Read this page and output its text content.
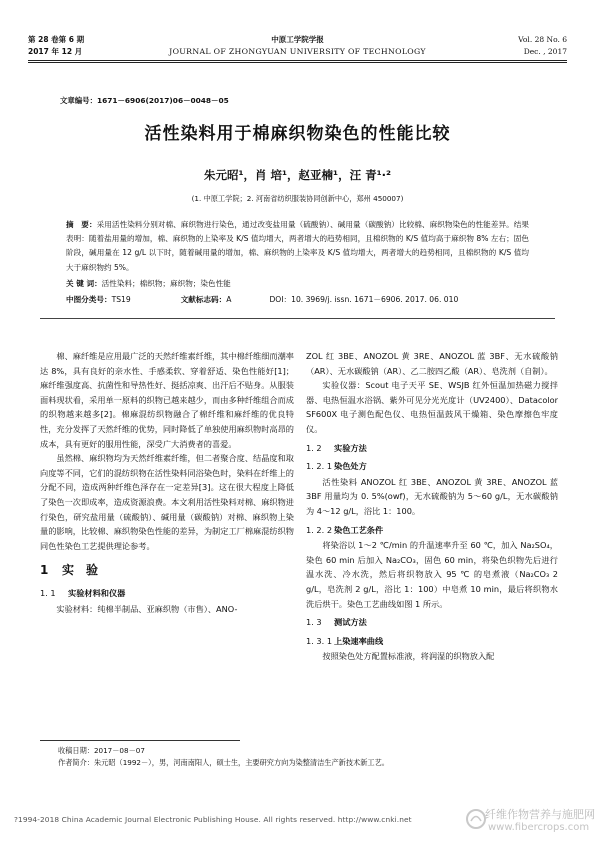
第 28 卷第 6 期
2017 年 12 月
中原工学院学报
JOURNAL OF ZHONGYUAN UNIVERSITY OF TECHNOLOGY
Vol. 28 No. 6
Dec. , 2017
文章编号：1671－6906(2017)06－0048－05
活性染料用于棉麻织物染色的性能比较
朱元昭¹，肖 培¹，赵亚楠¹，汪 青¹·²
(1. 中原工学院；2. 河南省纺织服装协同创新中心，郑州 450007)
摘　要：采用活性染料分别对棉、麻织物进行染色，通过改变盐用量（硫酸钠）、碱用量（碳酸钠）比较棉、麻织物染色的性能差异。结果表明：随着盐用量的增加，棉、麻织物的上染率及 K/S 值均增大，两者增大的趋势相同，且棉织物的 K/S 值均高于麻织物 8% 左右；固色阶段，碱用量在 12 g/L 以下时，随着碱用量的增加，棉、麻织物的上染率及 K/S 值均增大，两者增大的趋势相同，且棉织物的 K/S 值均大于麻织物约 5%。
关 键 词：活性染料；棉织物；麻织物；染色性能
中图分类号：TS19	文献标志码：A	DOI：10. 3969/j. issn. 1671－6906. 2017. 06. 010

棉、麻纤维是应用最广泛的天然纤维素纤维，其中棉纤维细而潮率达 8%，具有良好的亲水性、手感柔软、穿着舒适、染色性能好[1]；麻纤维强度高、抗菌性和导热性好、挺括凉爽、出汗后不贴身。从服装面料现状看，采用单一原料的织物已越来越少，而由多种纤维组合而成的织物越来越多[2]。棉麻混纺织物融合了棉纤维和麻纤维的优良特性，充分发挥了天然纤维的优势，同时降低了单独使用麻织物时高昂的成本，具有更好的服用性能，深受广大消费者的喜爱。

虽然棉、麻织物均为天然纤维素纤维，但二者聚合度、结晶度和取向度等不同，它们的混纺织物在活性染料同浴染色时，染料在纤维上的分配不同，造成两种纤维色泽存在一定差异[3]。这在很大程度上降低了染色一次即成率，造成资源浪费。本文利用活性染料对棉、麻织物进行染色，研究盐用量（硫酸钠）、碱用量（碳酸钠）对棉、麻织物上染量的影响，比较棉、麻织物染色性能的差异，为制定工厂棉麻混纺织物同色性染色工艺提供理论参考。

1 实　验
1. 1 实验材料和仪器

实验材料：纯棉半制品、亚麻织物（市售）、ANO-

ZOL 红 3BE、ANOZOL 黄 3RE、ANOZOL 蓝 3BF、无水硫酸钠（AR）、无水碳酸钠（AR）、乙二胺四乙酸（AR）、皂洗剂（自制）。

实验仪器：Scout 电子天平 SE、WSJB 红外恒温加热磁力搅拌器、电热恒温水浴锅、紫外可见分光光度计（UV2400）、Datacolor SF600X 电子测色配色仪、电热恒温鼓风干燥箱、染色摩擦色牢度仪。

1. 2 实验方法
1. 2. 1 染色处方

活性染料 ANOZOL 红 3BE、ANOZOL 黄 3RE、ANOZOL 蓝 3BF 用量均为 0. 5%(owf)，无水硫酸钠为 5～60 g/L，无水碳酸钠为 4～12 g/L，浴比 1：100。

1. 2. 2 染色工艺条件

将染浴以 1～2 ℃/min 的升温速率升至 60 ℃，加入 Na₂SO₄，染色 60 min 后加入 Na₂CO₃，固色 60 min，将染色织物先后进行温水洗、冷水洗，然后将织物放入 95 ℃ 的皂煮液（Na₂CO₃ 2 g/L，皂洗剂 2 g/L，浴比 1：100）中皂煮 10 min，最后将织物水洗后烘干。染色工艺曲线如图 1 所示。

1. 3 测试方法
1. 3. 1 上染速率曲线

按照染色处方配置标准液，将润湿的织物放入配

收稿日期：2017－08－07
作者简介：朱元昭（1992－），男，河南南阳人，硕士生，主要研究方向为染整清洁生产新技术新工艺。
?1994-2018 China Academic Journal Electronic Publishing House. All rights reserved. http://www.cnki.net	纤维作物营养与施肥网
www.fibercrops.com
